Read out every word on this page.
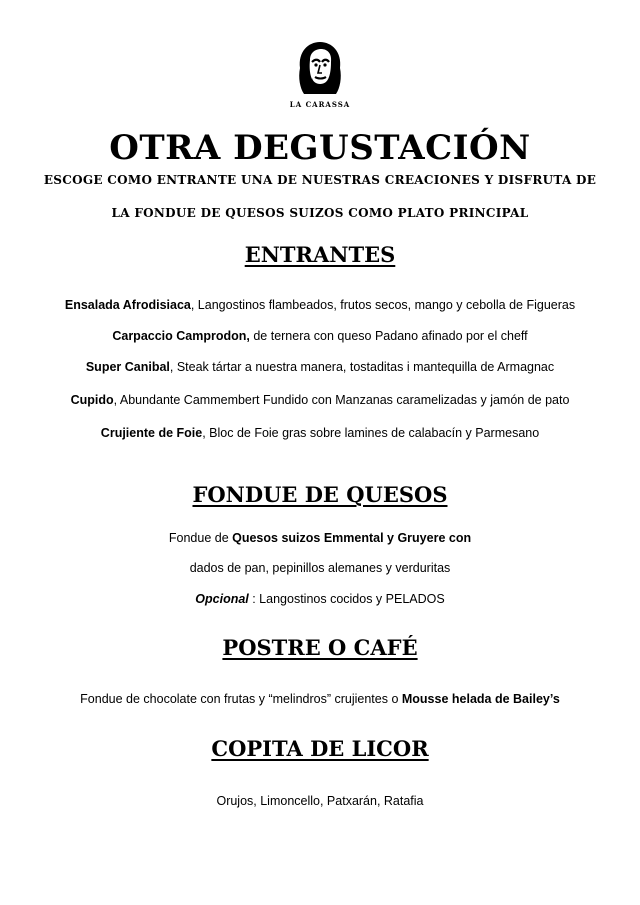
LA CARASSA
OTRA DEGUSTACIÓN

ESCOGE COMO ENTRANTE UNA DE NUESTRAS CREACIONES Y DISFRUTA DE

LA FONDUE DE QUESOS SUIZOS COMO PLATO PRINCIPAL

ENTRANTES

Ensalada Afrodisiaca, Langostinos flambeados, frutos secos, mango y cebolla de Figueras

Carpaccio Camprodon, de ternera con queso Padano afinado por el cheff

Super Canibal, Steak tártar a nuestra manera, tostaditas i mantequilla de Armagnac

Cupido, Abundante Cammembert Fundido con Manzanas caramelizadas y jamón de pato

Crujiente de Foie, Bloc de Foie gras sobre lamines de calabacín y Parmesano

FONDUE DE QUESOS

Fondue de Quesos suizos Emmental y Gruyere con

dados de pan, pepinillos alemanes y verduritas

Opcional : Langostinos cocidos y PELADOS

POSTRE O CAFÉ

Fondue de chocolate con frutas y “melindros” crujientes o Mousse helada de Bailey’s

COPITA DE LICOR

Orujos, Limoncello, Patxarán, Ratafia
